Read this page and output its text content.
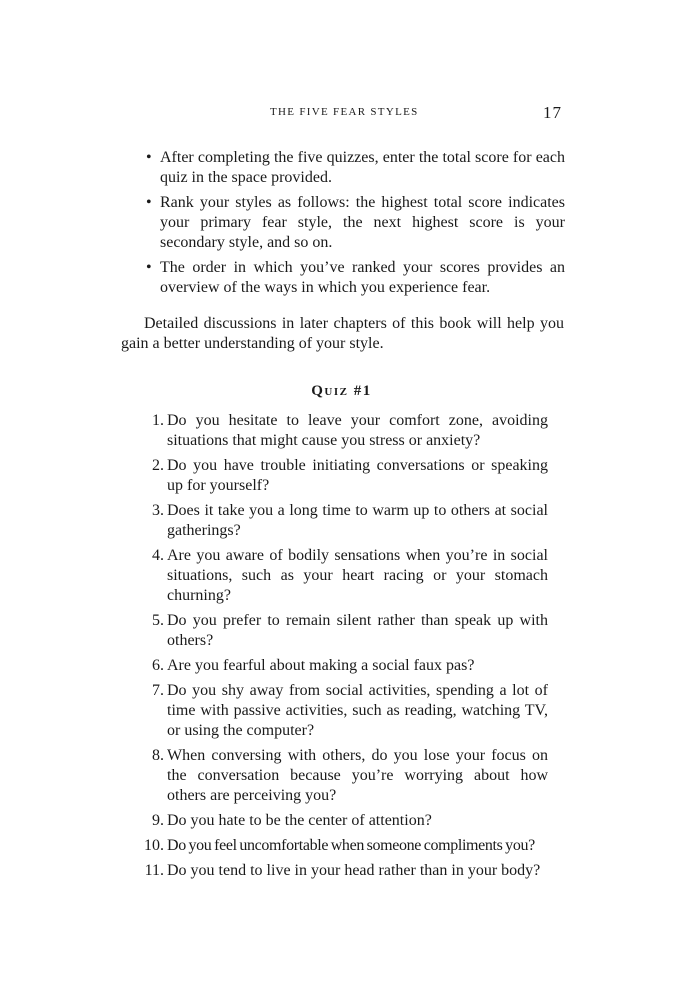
THE FIVE FEAR STYLES	17
• After completing the five quizzes, enter the total score for each quiz in the space provided.
• Rank your styles as follows: the highest total score indicates your primary fear style, the next highest score is your secondary style, and so on.
• The order in which you’ve ranked your scores provides an overview of the ways in which you experience fear.

Detailed discussions in later chapters of this book will help you gain a better understanding of your style.

Quiz #1
1. Do you hesitate to leave your comfort zone, avoiding situations that might cause you stress or anxiety?
2. Do you have trouble initiating conversations or speaking up for yourself?
3. Does it take you a long time to warm up to others at social gatherings?
4. Are you aware of bodily sensations when you’re in social situations, such as your heart racing or your stomach churning?
5. Do you prefer to remain silent rather than speak up with others?
6. Are you fearful about making a social faux pas?
7. Do you shy away from social activities, spending a lot of time with passive activities, such as reading, watching TV, or using the computer?
8. When conversing with others, do you lose your focus on the conversation because you’re worrying about how others are perceiving you?
9. Do you hate to be the center of attention?
10. Do you feel uncomfortable when someone compliments you?
11. Do you tend to live in your head rather than in your body?
